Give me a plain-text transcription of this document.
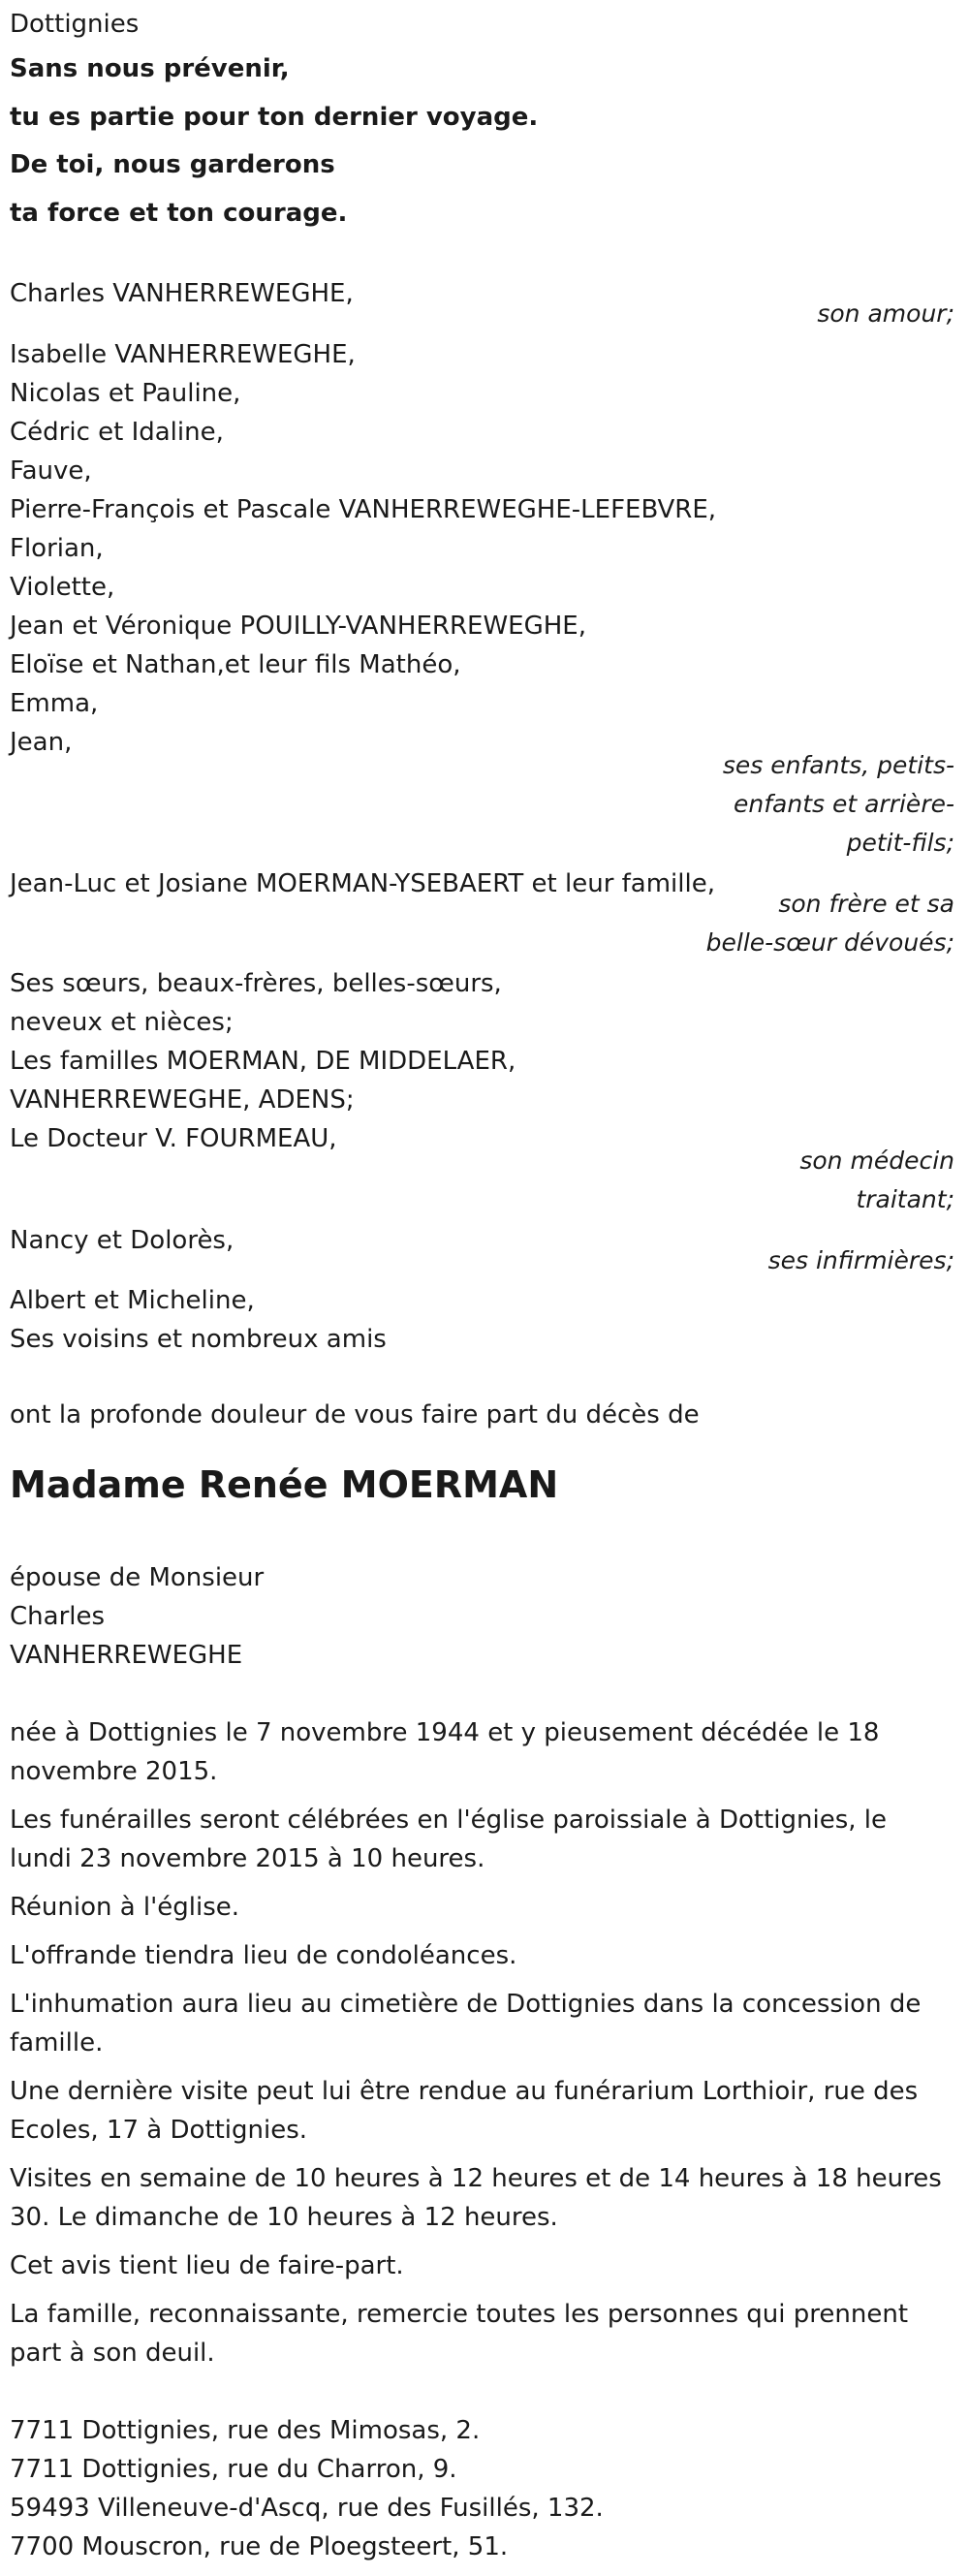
Dottignies
Sans nous prévenir,
tu es partie pour ton dernier voyage.
De toi, nous garderons
ta force et ton courage.
Charles VANHERREWEGHE,
son amour;
Isabelle VANHERREWEGHE,
Nicolas et Pauline,
Cédric et Idaline,
Fauve,
Pierre-François et Pascale VANHERREWEGHE-LEFEBVRE,
Florian,
Violette,
Jean et Véronique POUILLY-VANHERREWEGHE,
Eloïse et Nathan,et leur fils Mathéo,
Emma,
Jean,
ses enfants, petits-
enfants et arrière-
petit-fils;
Jean-Luc et Josiane MOERMAN-YSEBAERT et leur famille,
son frère et sa
belle-sœur dévoués;
Ses sœurs, beaux-frères, belles-sœurs,
neveux et nièces;
Les familles MOERMAN, DE MIDDELAER,
VANHERREWEGHE, ADENS;
Le Docteur V. FOURMEAU,
son médecin
traitant;
Nancy et Dolorès,
ses infirmières;
Albert et Micheline,
Ses voisins et nombreux amis
ont la profonde douleur de vous faire part du décès de
Madame Renée MOERMAN
épouse de Monsieur
Charles
VANHERREWEGHE
née à Dottignies le 7 novembre 1944 et y pieusement décédée le 18 novembre 2015.
Les funérailles seront célébrées en l'église paroissiale à Dottignies, le lundi 23 novembre 2015 à 10 heures.
Réunion à l'église.
L'offrande tiendra lieu de condoléances.
L'inhumation aura lieu au cimetière de Dottignies dans la concession de famille.
Une dernière visite peut lui être rendue au funérarium Lorthioir, rue des Ecoles, 17 à Dottignies.
Visites en semaine de 10 heures à 12 heures et de 14 heures à 18 heures 30. Le dimanche de 10 heures à 12 heures.
Cet avis tient lieu de faire-part.
La famille, reconnaissante, remercie toutes les personnes qui prennent part à son deuil.
7711 Dottignies, rue des Mimosas, 2.
7711 Dottignies, rue du Charron, 9.
59493 Villeneuve-d'Ascq, rue des Fusillés, 132.
7700 Mouscron, rue de Ploegsteert, 51.
